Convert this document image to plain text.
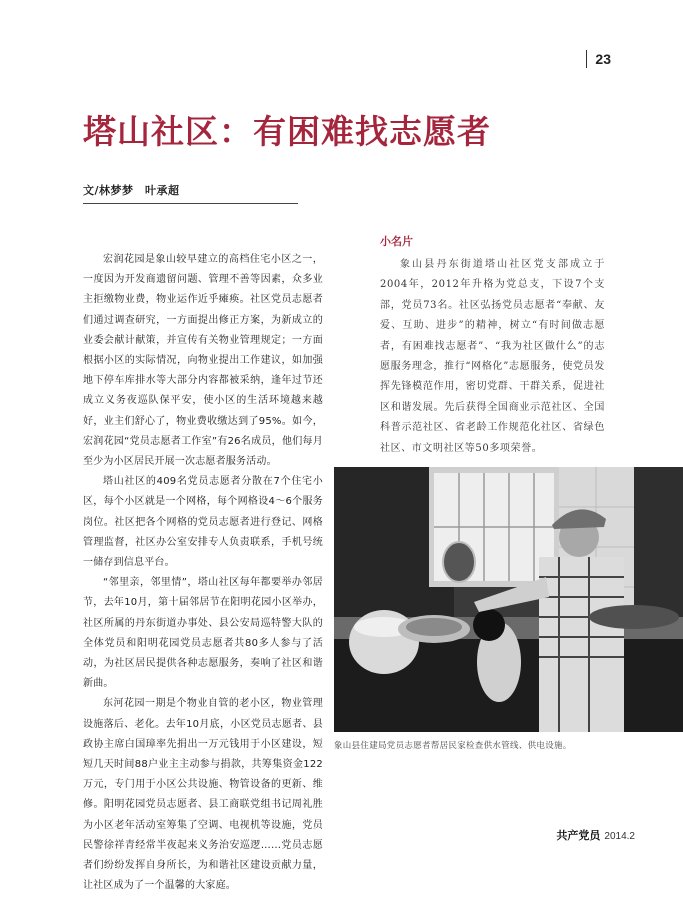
23
塔山社区：有困难找志愿者
文/林梦梦　叶承超

宏润花园是象山较早建立的高档住宅小区之一，一度因为开发商遗留问题、管理不善等因素，众多业主拒缴物业费，物业运作近乎瘫痪。社区党员志愿者们通过调查研究，一方面提出修正方案，为新成立的业委会献计献策，并宣传有关物业管理规定；一方面根据小区的实际情况，向物业提出工作建议，如加强地下停车库排水等大部分内容都被采纳，逢年过节还成立义务夜巡队保平安，使小区的生活环境越来越好，业主们舒心了，物业费收缴达到了95%。如今，宏润花园“党员志愿者工作室”有26名成员，他们每月至少为小区居民开展一次志愿者服务活动。

塔山社区的409名党员志愿者分散在7个住宅小区，每个小区就是一个网格，每个网格设4～6个服务岗位。社区把各个网格的党员志愿者进行登记、网格管理监督，社区办公室安排专人负责联系，手机号统一储存到信息平台。

“邻里亲，邻里情”，塔山社区每年都要举办邻居节，去年10月，第十届邻居节在阳明花园小区举办，社区所属的丹东街道办事处、县公安局巡特警大队的全体党员和阳明花园党员志愿者共80多人参与了活动，为社区居民提供各种志愿服务，奏响了社区和谐新曲。

东河花园一期是个物业自管的老小区，物业管理设施落后、老化。去年10月底，小区党员志愿者、县政协主席白国璋率先捐出一万元钱用于小区建设，短短几天时间88户业主主动参与捐款，共筹集资金122万元，专门用于小区公共设施、物管设备的更新、维修。阳明花园党员志愿者、县工商联党组书记周礼胜为小区老年活动室筹集了空调、电视机等设施，党员民警徐祥青经常半夜起来义务治安巡逻……党员志愿者们纷纷发挥自身所长，为和谐社区建设贡献力量，让社区成为了一个温馨的大家庭。

小名片

象山县丹东街道塔山社区党支部成立于2004年，2012年升格为党总支，下设7个支部，党员73名。社区弘扬党员志愿者“奉献、友爱、互助、进步”的精神，树立“有时间做志愿者，有困难找志愿者”、“我为社区做什么”的志愿服务理念，推行“网格化”志愿服务，使党员发挥先锋模范作用，密切党群、干群关系，促进社区和谐发展。先后获得全国商业示范社区、全国科普示范社区、省老龄工作规范化社区、省绿色社区、市文明社区等50多项荣誉。

象山县住建局党员志愿者帮居民家检查供水管线、供电设施。
共产党员 2014.2
